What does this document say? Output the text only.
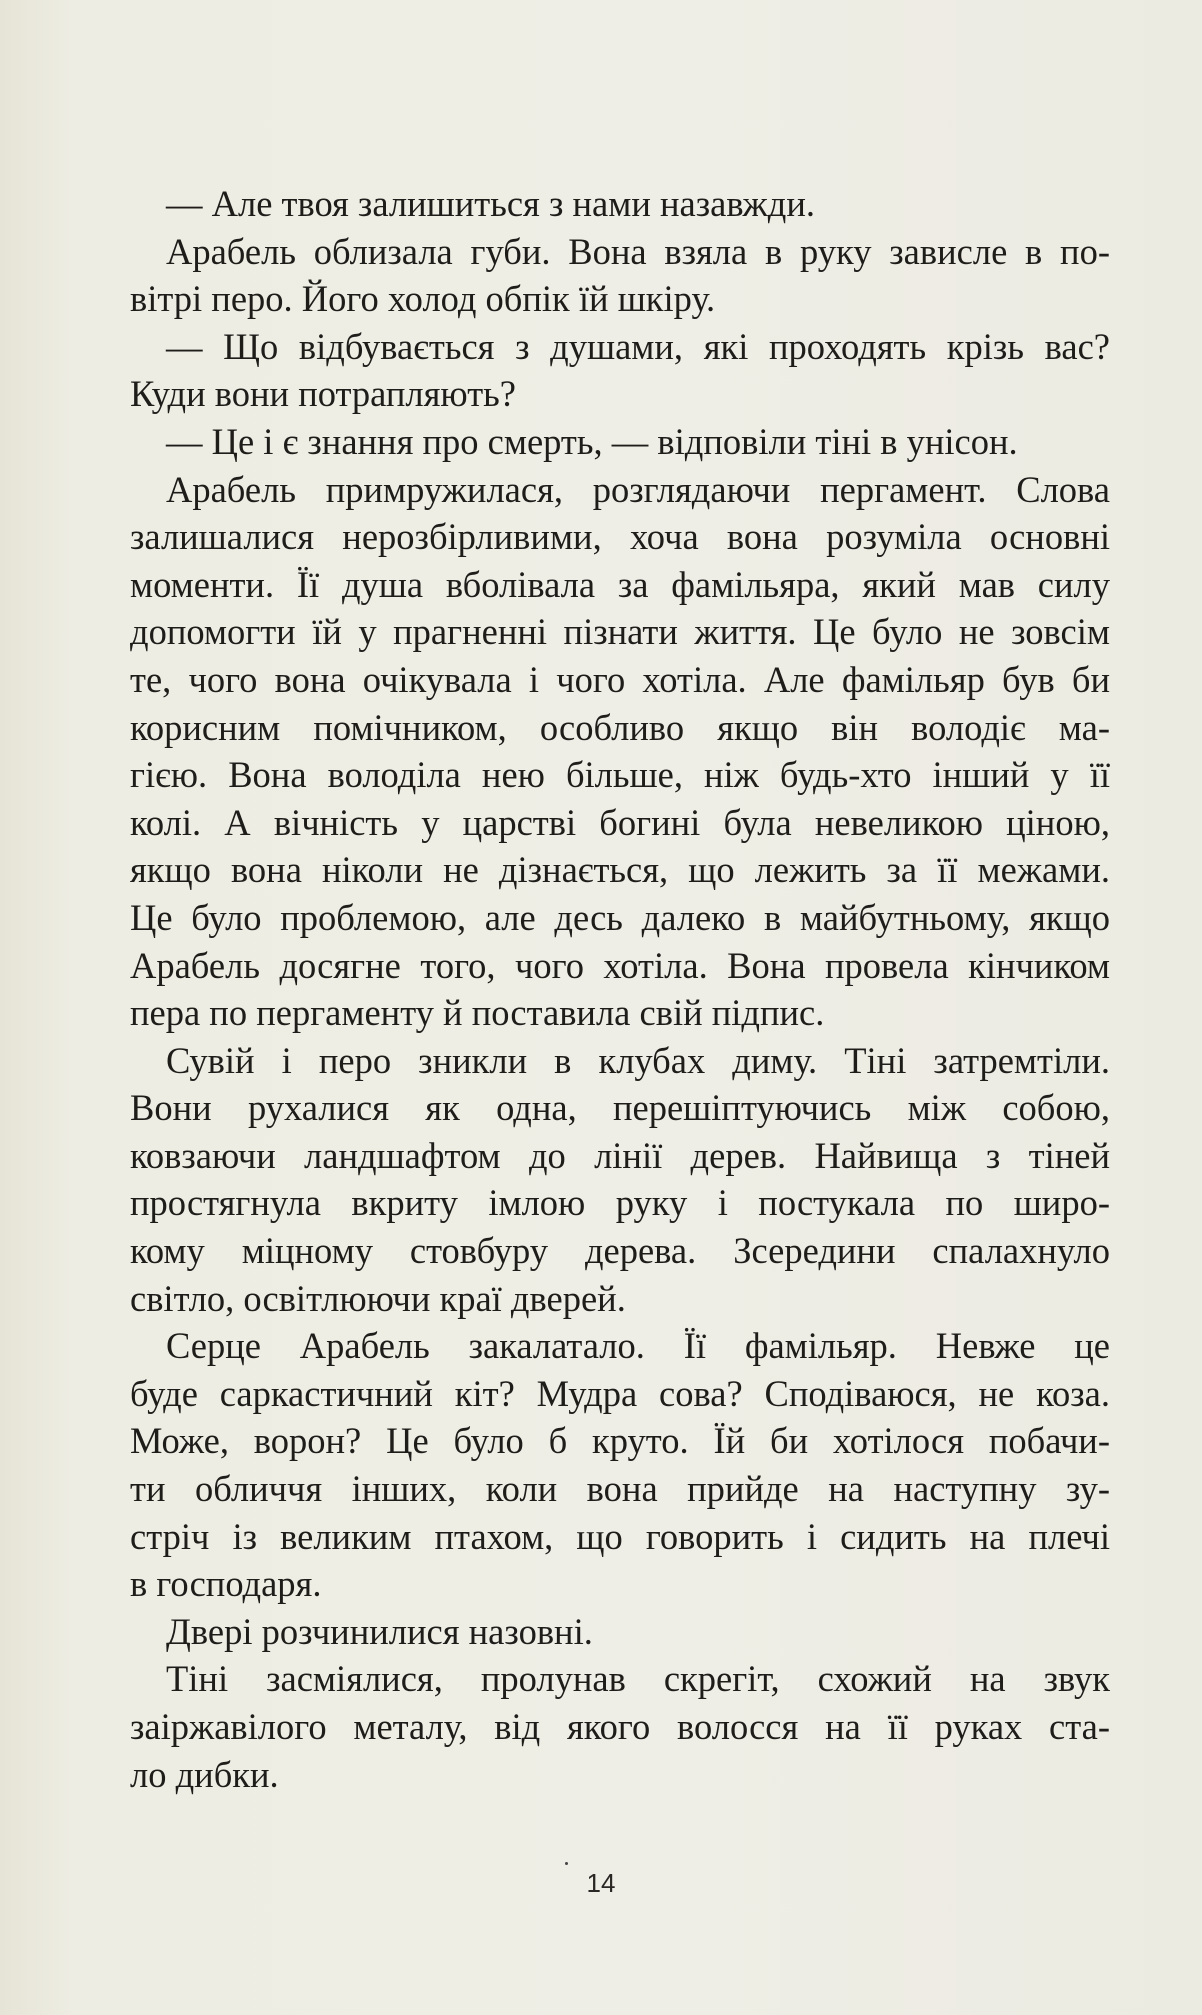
— Але твоя залишиться з нами назавжди.

Арабель облизала губи. Вона взяла в руку зависле в по-
вітрі перо. Його холод обпік їй шкіру.

— Що відбувається з душами, які проходять крізь вас?
Куди вони потрапляють?

— Це і є знання про смерть, — відповіли тіні в унісон.

Арабель примружилася, розглядаючи пергамент. Слова
залишалися нерозбірливими, хоча вона розуміла основні
моменти. Її душа вболівала за фамільяра, який мав силу
допомогти їй у прагненні пізнати життя. Це було не зовсім
те, чого вона очікувала і чого хотіла. Але фамільяр був би
корисним помічником, особливо якщо він володіє ма-
гією. Вона володіла нею більше, ніж будь-хто інший у її
колі. А вічність у царстві богині була невеликою ціною,
якщо вона ніколи не дізнається, що лежить за її межами.
Це було проблемою, але десь далеко в майбутньому, якщо
Арабель досягне того, чого хотіла. Вона провела кінчиком
пера по пергаменту й поставила свій підпис.

Сувій і перо зникли в клубах диму. Тіні затремтіли.
Вони рухалися як одна, перешіптуючись між собою,
ковзаючи ландшафтом до лінії дерев. Найвища з тіней
простягнула вкриту імлою руку і постукала по широ-
кому міцному стовбуру дерева. Зсередини спалахнуло
світло, освітлюючи краї дверей.

Серце Арабель закалатало. Її фамільяр. Невже це
буде саркастичний кіт? Мудра сова? Сподіваюся, не коза.
Може, ворон? Це було б круто. Їй би хотілося побачи-
ти обличчя інших, коли вона прийде на наступну зу-
стріч із великим птахом, що говорить і сидить на плечі
в господаря.

Двері розчинилися назовні.

Тіні засміялися, пролунав скрегіт, схожий на звук
заіржавілого металу, від якого волосся на її руках ста-
ло дибки.

14
